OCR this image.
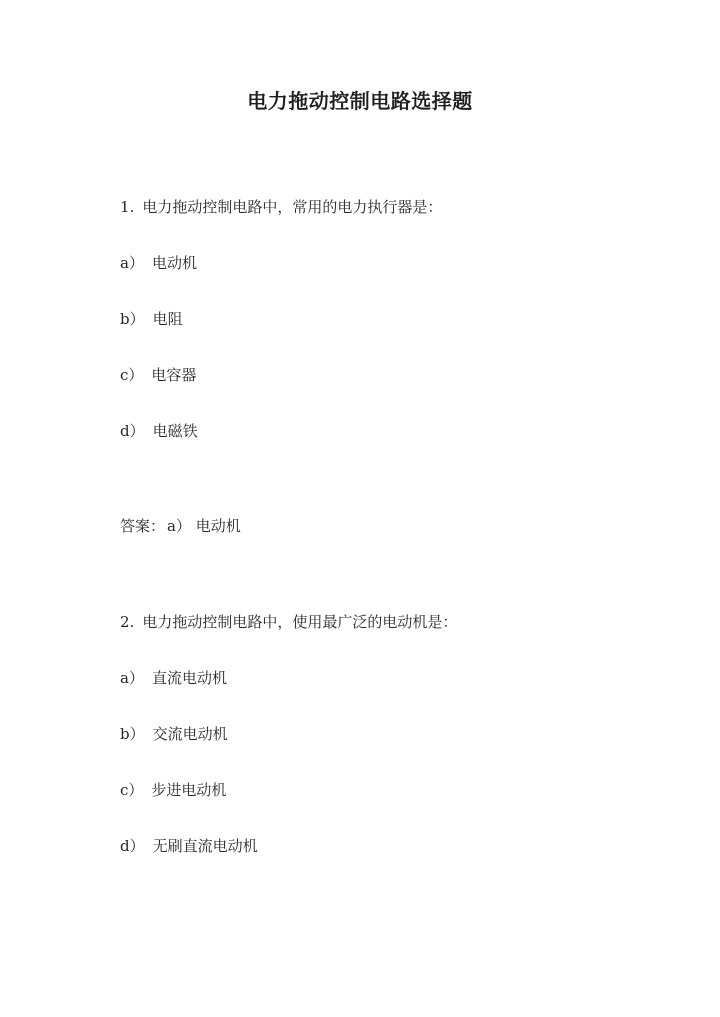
电力拖动控制电路选择题
1. 电力拖动控制电路中，常用的电力执行器是：
a） 电动机
b） 电阻
c） 电容器
d） 电磁铁
答案： a） 电动机
2. 电力拖动控制电路中，使用最广泛的电动机是：
a） 直流电动机
b） 交流电动机
c） 步进电动机
d） 无刷直流电动机
